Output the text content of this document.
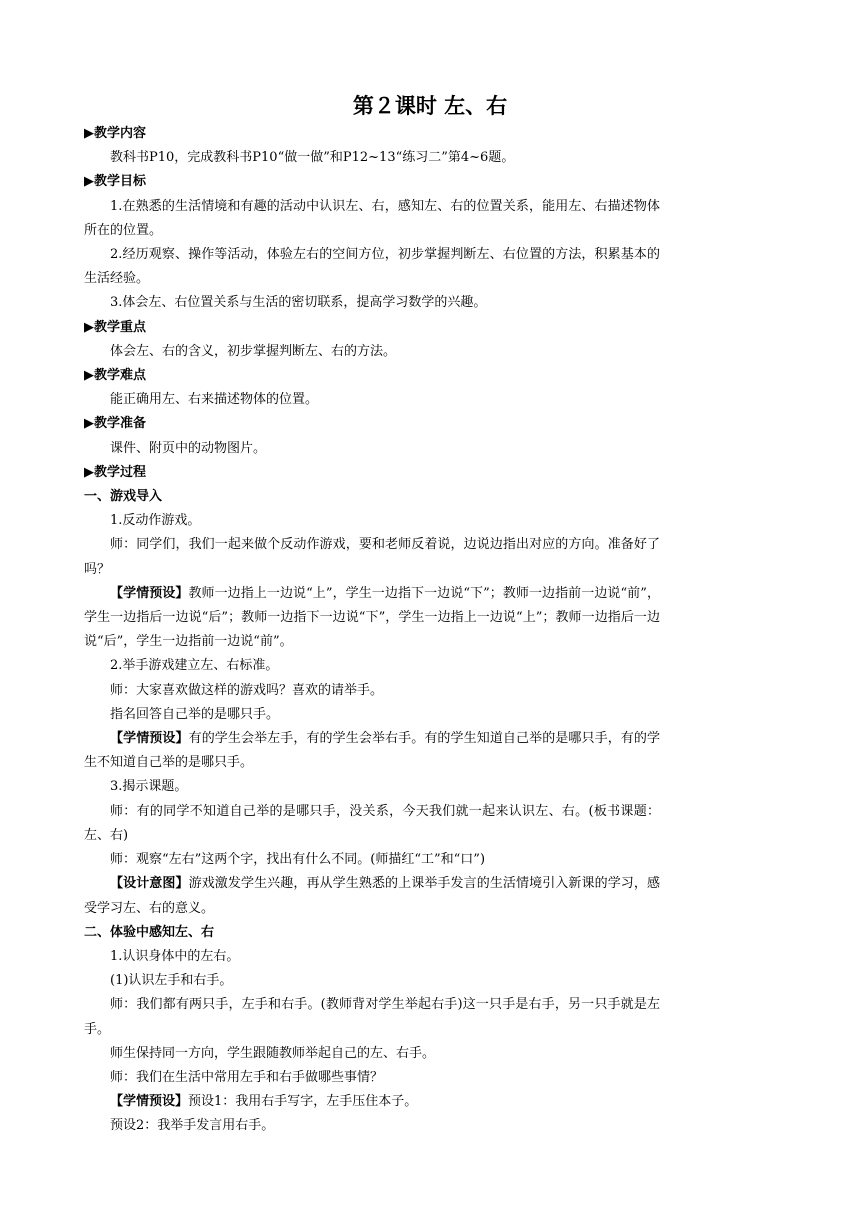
第２课时 左、右

▶教学内容

教科书P10，完成教科书P10“做一做”和P12~13“练习二”第4~6题。

▶教学目标

1.在熟悉的生活情境和有趣的活动中认识左、右，感知左、右的位置关系，能用左、右描述物体所在的位置。

2.经历观察、操作等活动，体验左右的空间方位，初步掌握判断左、右位置的方法，积累基本的生活经验。

3.体会左、右位置关系与生活的密切联系，提高学习数学的兴趣。

▶教学重点

体会左、右的含义，初步掌握判断左、右的方法。

▶教学难点

能正确用左、右来描述物体的位置。

▶教学准备

课件、附页中的动物图片。

▶教学过程

一、游戏导入

1.反动作游戏。

师：同学们，我们一起来做个反动作游戏，要和老师反着说，边说边指出对应的方向。准备好了吗？

【学情预设】教师一边指上一边说“上”，学生一边指下一边说“下”；教师一边指前一边说“前”，学生一边指后一边说“后”；教师一边指下一边说“下”，学生一边指上一边说“上”；教师一边指后一边说“后”，学生一边指前一边说“前”。

2.举手游戏建立左、右标准。

师：大家喜欢做这样的游戏吗？喜欢的请举手。

指名回答自己举的是哪只手。

【学情预设】有的学生会举左手，有的学生会举右手。有的学生知道自己举的是哪只手，有的学生不知道自己举的是哪只手。

3.揭示课题。

师：有的同学不知道自己举的是哪只手，没关系，今天我们就一起来认识左、右。(板书课题：左、右)

师：观察“左右”这两个字，找出有什么不同。(师描红“工”和“口”)

【设计意图】游戏激发学生兴趣，再从学生熟悉的上课举手发言的生活情境引入新课的学习，感受学习左、右的意义。

二、体验中感知左、右

1.认识身体中的左右。

(1)认识左手和右手。

师：我们都有两只手，左手和右手。(教师背对学生举起右手)这一只手是右手，另一只手就是左手。

师生保持同一方向，学生跟随教师举起自己的左、右手。

师：我们在生活中常用左手和右手做哪些事情？

【学情预设】预设1：我用右手写字，左手压住本子。

预设2：我举手发言用右手。
